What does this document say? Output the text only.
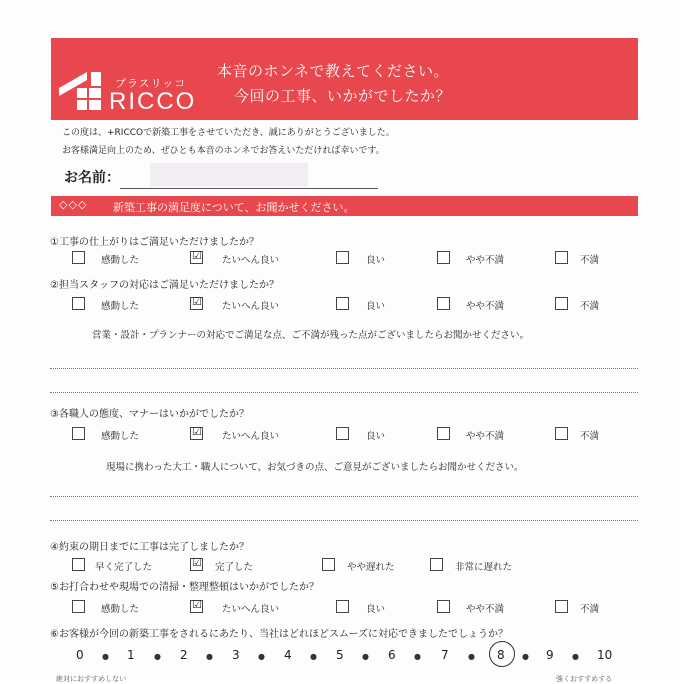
プラスリッコ
RICCO
本音のホンネで教えてください。
今回の工事、いかがでしたか？
この度は、+RICCOで新築工事をさせていただき、誠にありがとうございました。
お客様満足向上のため、ぜひとも本音のホンネでお答えいただければ幸いです。
お名前：
◇◇◇ 新築工事の満足度について、お聞かせください。
①工事の仕上がりはご満足いただけましたか？
感動した	☑ たいへん良い	良い	やや不満	不満
②担当スタッフの対応はご満足いただけましたか？
感動した	☑ たいへん良い	良い	やや不満	不満
営業・設計・プランナーの対応でご満足な点、ご不満が残った点がございましたらお聞かせください。
③各職人の態度、マナーはいかがでしたか？
感動した	☑ たいへん良い	良い	やや不満	不満
現場に携わった大工・職人について、お気づきの点、ご意見がございましたらお聞かせください。
④約束の期日までに工事は完了しましたか？
早く完了した	☑ 完了した	やや遅れた	非常に遅れた
⑤お打合わせや現場での清掃・整理整頓はいかがでしたか？
感動した	☑ たいへん良い	良い	やや不満	不満
⑥お客様が今回の新築工事をされるにあたり、当社はどれほどスムーズに対応できましたでしょうか？
0 ● 1 ● 2 ● 3 ● 4 ● 5 ● 6 ● 7 ● 8 ● 9 ● 10
絶対におすすめしない	強くおすすめする
